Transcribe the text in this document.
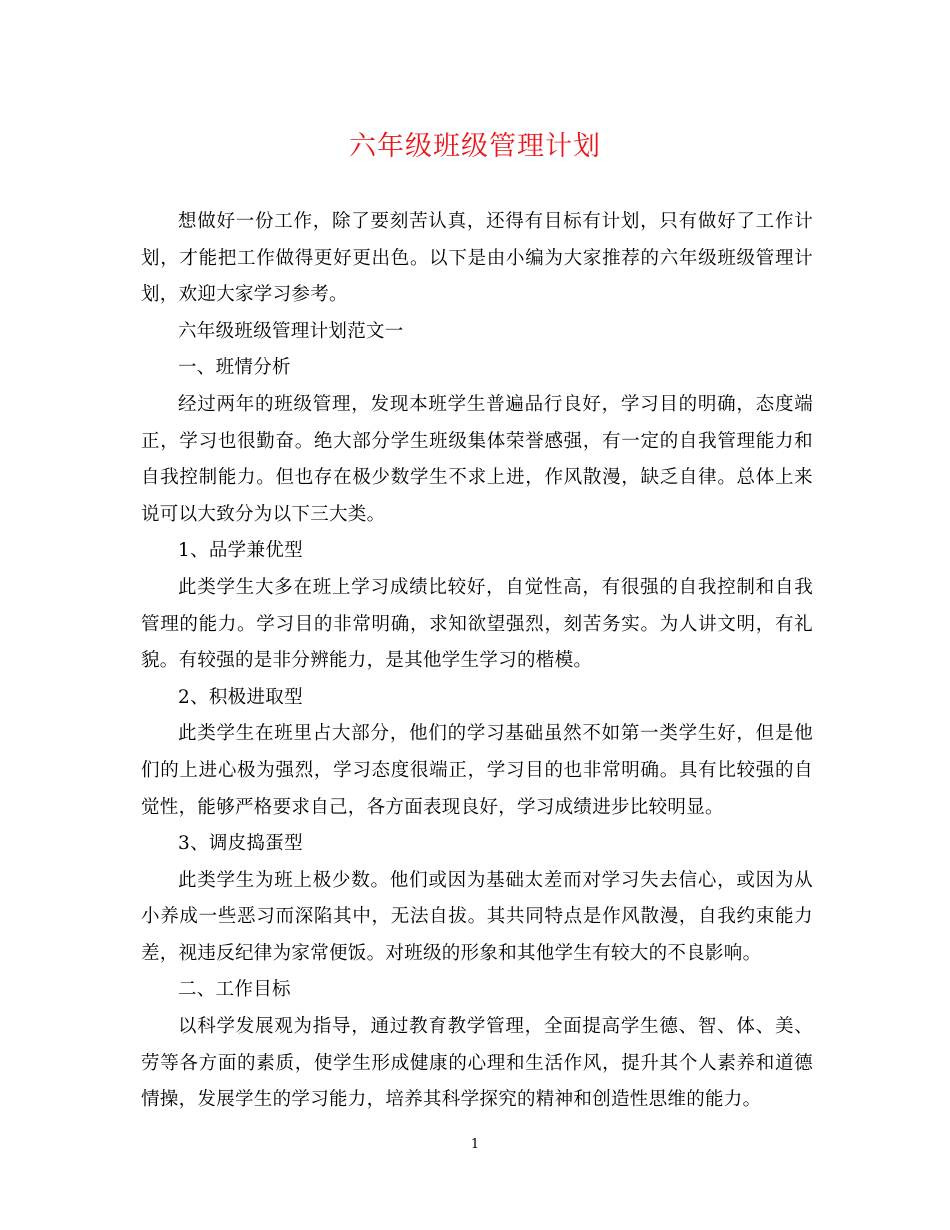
六年级班级管理计划

想做好一份工作，除了要刻苦认真，还得有目标有计划，只有做好了工作计划，才能把工作做得更好更出色。以下是由小编为大家推荐的六年级班级管理计划，欢迎大家学习参考。

六年级班级管理计划范文一

一、班情分析

经过两年的班级管理，发现本班学生普遍品行良好，学习目的明确，态度端正，学习也很勤奋。绝大部分学生班级集体荣誉感强，有一定的自我管理能力和自我控制能力。但也存在极少数学生不求上进，作风散漫，缺乏自律。总体上来说可以大致分为以下三大类。

1、品学兼优型

此类学生大多在班上学习成绩比较好，自觉性高，有很强的自我控制和自我管理的能力。学习目的非常明确，求知欲望强烈，刻苦务实。为人讲文明，有礼貌。有较强的是非分辨能力，是其他学生学习的楷模。

2、积极进取型

此类学生在班里占大部分，他们的学习基础虽然不如第一类学生好，但是他们的上进心极为强烈，学习态度很端正，学习目的也非常明确。具有比较强的自觉性，能够严格要求自己，各方面表现良好，学习成绩进步比较明显。

3、调皮捣蛋型

此类学生为班上极少数。他们或因为基础太差而对学习失去信心，或因为从小养成一些恶习而深陷其中，无法自拔。其共同特点是作风散漫，自我约束能力差，视违反纪律为家常便饭。对班级的形象和其他学生有较大的不良影响。

二、工作目标

以科学发展观为指导，通过教育教学管理，全面提高学生德、智、体、美、劳等各方面的素质，使学生形成健康的心理和生活作风，提升其个人素养和道德情操，发展学生的学习能力，培养其科学探究的精神和创造性思维的能力。

1
